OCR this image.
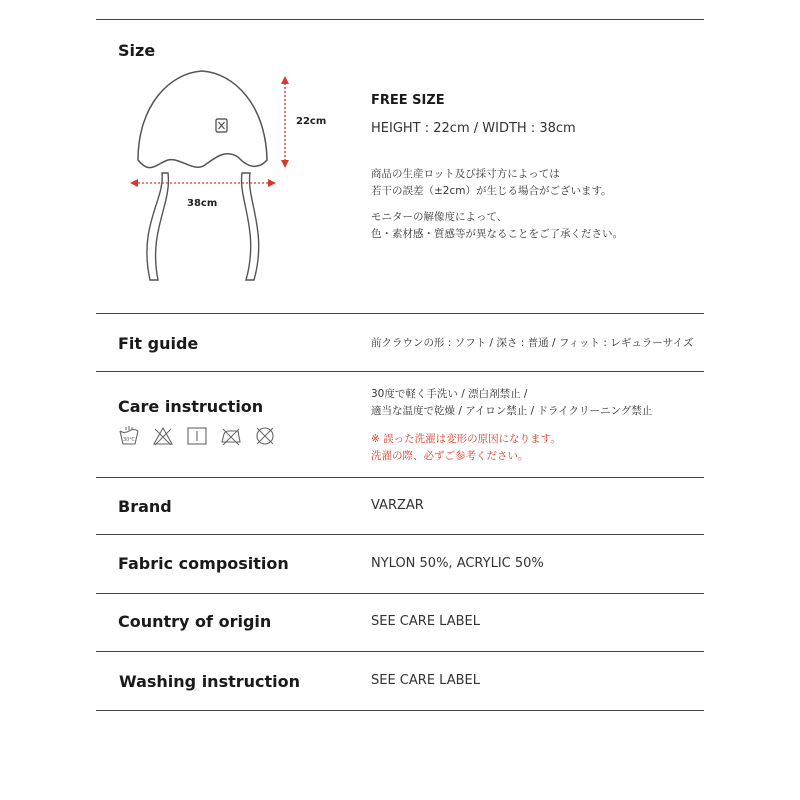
Size
22cm
38cm
FREE SIZE
HEIGHT : 22cm / WIDTH : 38cm
商品の生産ロット及び採寸方によっては
若干の誤差（±2cm）が生じる場合がございます。
モニターの解像度によって、
色・素材感・質感等が異なることをご了承ください。
Fit guide	前クラウンの形 : ソフト / 深さ : 普通 / フィット : レギュラーサイズ
Care instruction
30℃
30度で軽く手洗い / 漂白剤禁止 /
適当な温度で乾燥 / アイロン禁止 / ドライクリーニング禁止
※ 誤った洗濯は変形の原因になります。
洗濯の際、必ずご参考ください。
Brand	VARZAR
Fabric composition	NYLON 50%, ACRYLIC 50%
Country of origin	SEE CARE LABEL
Washing instruction	SEE CARE LABEL
